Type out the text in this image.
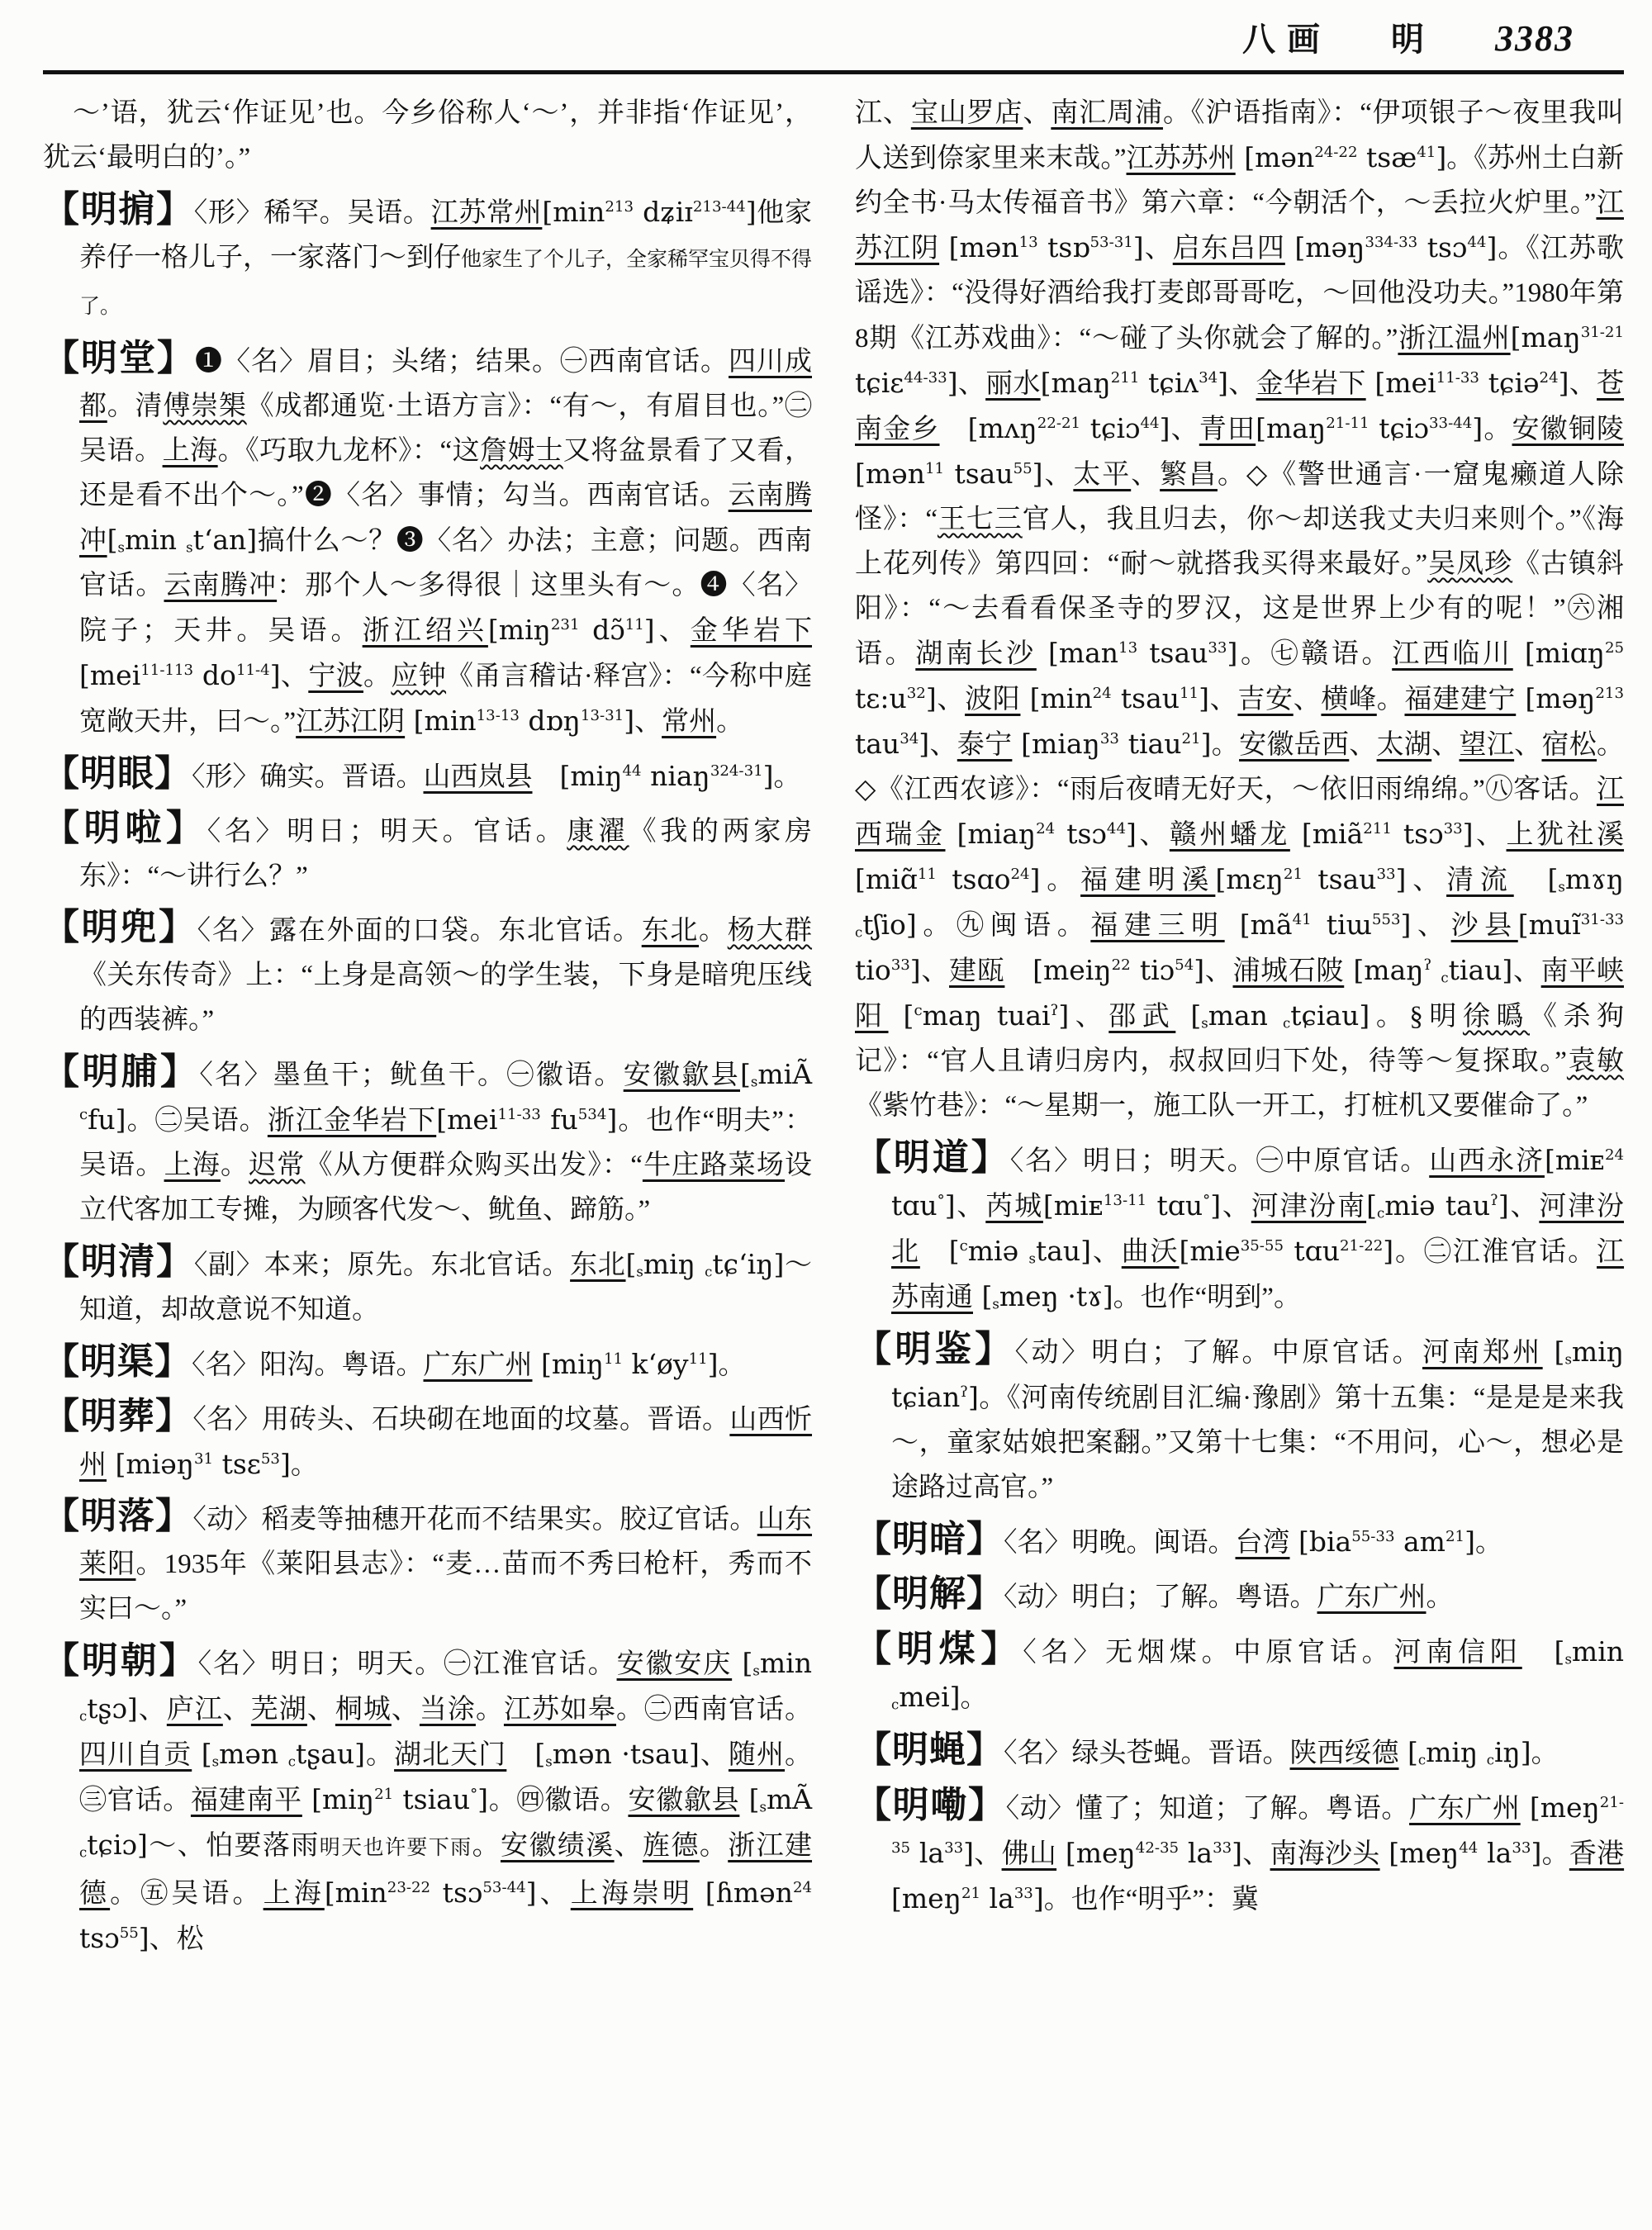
八画 明 3383

～’语，犹云‘作证见’也。今乡俗称人‘～’，并非指‘作证见’，犹云‘最明白的’。”

【明掮】〈形〉稀罕。吴语。江苏常州[$\min^{213}$ dʑiɪ$^{213-44}$]他家养仔一格儿子，一家落门～到仔他家生了个儿子，全家稀罕宝贝得不得了。

【明堂】❶〈名〉眉目；头绪；结果。㊀西南官话。四川成都。清傅崇榘《成都通览·土语方言》：“有～，有眉目也。”㊁吴语。上海。《巧取九龙杯》：“这詹姆士又将盆景看了又看，还是看不出个～。”❷〈名〉事情；勾当。西南官话。云南腾冲[smin st‘an]搞什么～？❸〈名〉办法；主意；问题。西南官话。云南腾冲：那个人～多得很｜这里头有～。❹〈名〉院子；天井。吴语。浙江绍兴[miŋ$^{231}$ dɔ̃$^{11}$]、金华岩下 [mei$^{11-113}$ $do^{11-4}$]、宁波。应钟《甬言稽诂·释宫》：“今称中庭宽敞天井，曰～。”江苏江阴 [$\min^{13-13}$ dɒŋ$^{13-31}$]、常州。

【明眼】〈形〉确实。晋语。山西岚县　[miŋ$^{44}$ niaŋ$^{324-31}$]。

【明啦】〈名〉明日；明天。官话。康濯《我的两家房东》：“～讲行么？”

【明兜】〈名〉露在外面的口袋。东北官话。东北。杨大群《关东传奇》上：“上身是高领～的学生装，下身是暗兜压线的西装裤。”

【明脯】〈名〉墨鱼干；鱿鱼干。㊀徽语。安徽歙县[smiÃ $^c$fu]。㊁吴语。浙江金华岩下[mei$^{11-33}$ $fu^{534}$]。也作“明夫”：吴语。上海。迟常《从方便群众购买出发》：“牛庄路菜场设立代客加工专摊，为顾客代发～、鱿鱼、蹄筋。”

【明清】〈副〉本来；原先。东北官话。东北[smiŋ ctɕ‘iŋ]～知道，却故意说不知道。

【明渠】〈名〉阳沟。粤语。广东广州 [miŋ$^{11}$ $k‘øy^{11}$]。

【明葬】〈名〉用砖头、石块砌在地面的坟墓。晋语。山西忻州 [miəŋ$^{31}$ tsɛ$^{53}$]。

【明落】〈动〉稻麦等抽穗开花而不结果实。胶辽官话。山东莱阳。1935年《莱阳县志》：“麦…苗而不秀曰枪杆，秀而不实曰～。”

【明朝】〈名〉明日；明天。㊀江淮官话。安徽安庆 [smin ctʂɔ]、庐江、芜湖、桐城、当涂。江苏如皋。㊁西南官话。四川自贡 [smən ctʂau]。湖北天门　[smən ·tsau]、随州。㊂官话。福建南平 [miŋ$^{21}$ tsiau°]。㊃徽语。安徽歙县 [smÃ ctɕiɔ]～、怕要落雨明天也许要下雨。安徽绩溪、旌德。浙江建德。㊄吴语。上海[$\min^{23-22}$ tsɔ$^{53-44}$]、上海崇明 [ɦmən$^{24}$ tsɔ$^{55}$]、松

江、宝山罗店、南汇周浦。《沪语指南》：“伊项银子～夜里我叫人送到倷家里来末哉。”江苏苏州 [mən$^{24-22}$ tsæ$^{41}$]。《苏州土白新约全书·马太传福音书》第六章：“今朝活个，～丢拉火炉里。”江苏江阴 [mən$^{13}$ tsɒ$^{53-31}$]、启东吕四 [məŋ$^{334-33}$ tsɔ$^{44}$]。《江苏歌谣选》：“没得好酒给我打麦郎哥哥吃，～回他没功夫。”1980年第8期《江苏戏曲》：“～碰了头你就会了解的。”浙江温州[maŋ$^{31-21}$ tɕiɛ$^{44-33}$]、丽水[maŋ$^{211}$ tɕiʌ$^{34}$]、金华岩下 [mei$^{11-33}$ tɕiə$^{24}$]、苍南金乡　[mʌŋ$^{22-21}$ tɕiɔ$^{44}$]、青田[maŋ$^{21-11}$ tɕiɔ$^{33-44}$]。安徽铜陵[mən$^{11}$ tsau$^{55}$]、太平、繁昌。◇《警世通言·一窟鬼癞道人除怪》：“王七三官人，我且归去，你～却送我丈夫归来则个。”《海上花列传》第四回：“耐～就搭我买得来最好。”吴凤珍《古镇斜阳》：“～去看看保圣寺的罗汉，这是世界上少有的呢！”㊅湘语。湖南长沙 [man$^{13}$ tsau$^{33}$]。㊆赣语。江西临川 [miɑŋ$^{25}$ $tɛ:u^{32}$]、波阳 [$\min^{24}$ tsau$^{11}$]、吉安、横峰。福建建宁 [məŋ$^{213}$ tau$^{34}$]、泰宁 [miaŋ$^{33}$ tiau$^{21}$]。安徽岳西、太湖、望江、宿松。◇《江西农谚》：“雨后夜晴无好天，～依旧雨绵绵。”㊇客话。江西瑞金 [miaŋ$^{24}$ tsɔ$^{44}$]、赣州蟠龙 [miã$^{211}$ tsɔ$^{33}$]、上犹社溪 [miɑ̃$^{11}$ tsɑo$^{24}$]。福建明溪[mɛŋ$^{21}$ tsau$^{33}$]、清流　[smɤŋ ctʃio]。㊈闽语。福建三明 [$mã^{41}$ tiɯ$^{553}$]、沙县[muĩ$^{31-33}$ tio$^{33}$]、建瓯　[meiŋ$^{22}$ tiɔ$^{54}$]、浦城石陂 [maŋ$^ʔ$ ctiau]、南平峡阳 [$^c$maŋ tuai$^ʔ$]、邵武 [sman ctɕiau]。§明徐㬙《杀狗记》：“官人且请归房内，叔叔回归下处，待等～复探取。”袁敏《紫竹巷》：“～星期一，施工队一开工，打桩机又要催命了。”

【明道】〈名〉明日；明天。㊀中原官话。山西永济[miᴇ$^{24}$ tɑu°]、芮城[miᴇ$^{13-11}$ tɑu°]、河津汾南[cmiə tau$^ʔ$]、河津汾北　[$^c$miə stau]、曲沃[mie$^{35-55}$ tɑu$^{21-22}$]。㊁江淮官话。江苏南通 [smeŋ ·tɤ]。也作“明到”。

【明鉴】〈动〉明白；了解。中原官话。河南郑州 [smiŋ tɕian$^ʔ$]。《河南传统剧目汇编·豫剧》第十五集：“是是是来我～，童家姑娘把案翻。”又第十七集：“不用问，心～，想必是途路过高官。”

【明暗】〈名〉明晚。闽语。台湾 [bia$^{55-33}$ $am^{21}$]。

【明解】〈动〉明白；了解。粤语。广东广州。

【明煤】〈名〉无烟煤。中原官话。河南信阳　[smin cmei]。

【明蝇】〈名〉绿头苍蝇。晋语。陕西绥德 [cmiŋ ciŋ]。

【明嘞】〈动〉懂了；知道；了解。粤语。广东广州 [meŋ$^{21-35}$ $la^{33}$]、佛山 [meŋ$^{42-35}$ $la^{33}$]、南海沙头 [meŋ$^{44}$ $la^{33}$]。香港 [meŋ$^{21}$ $la^{33}$]。也作“明乎”：冀
